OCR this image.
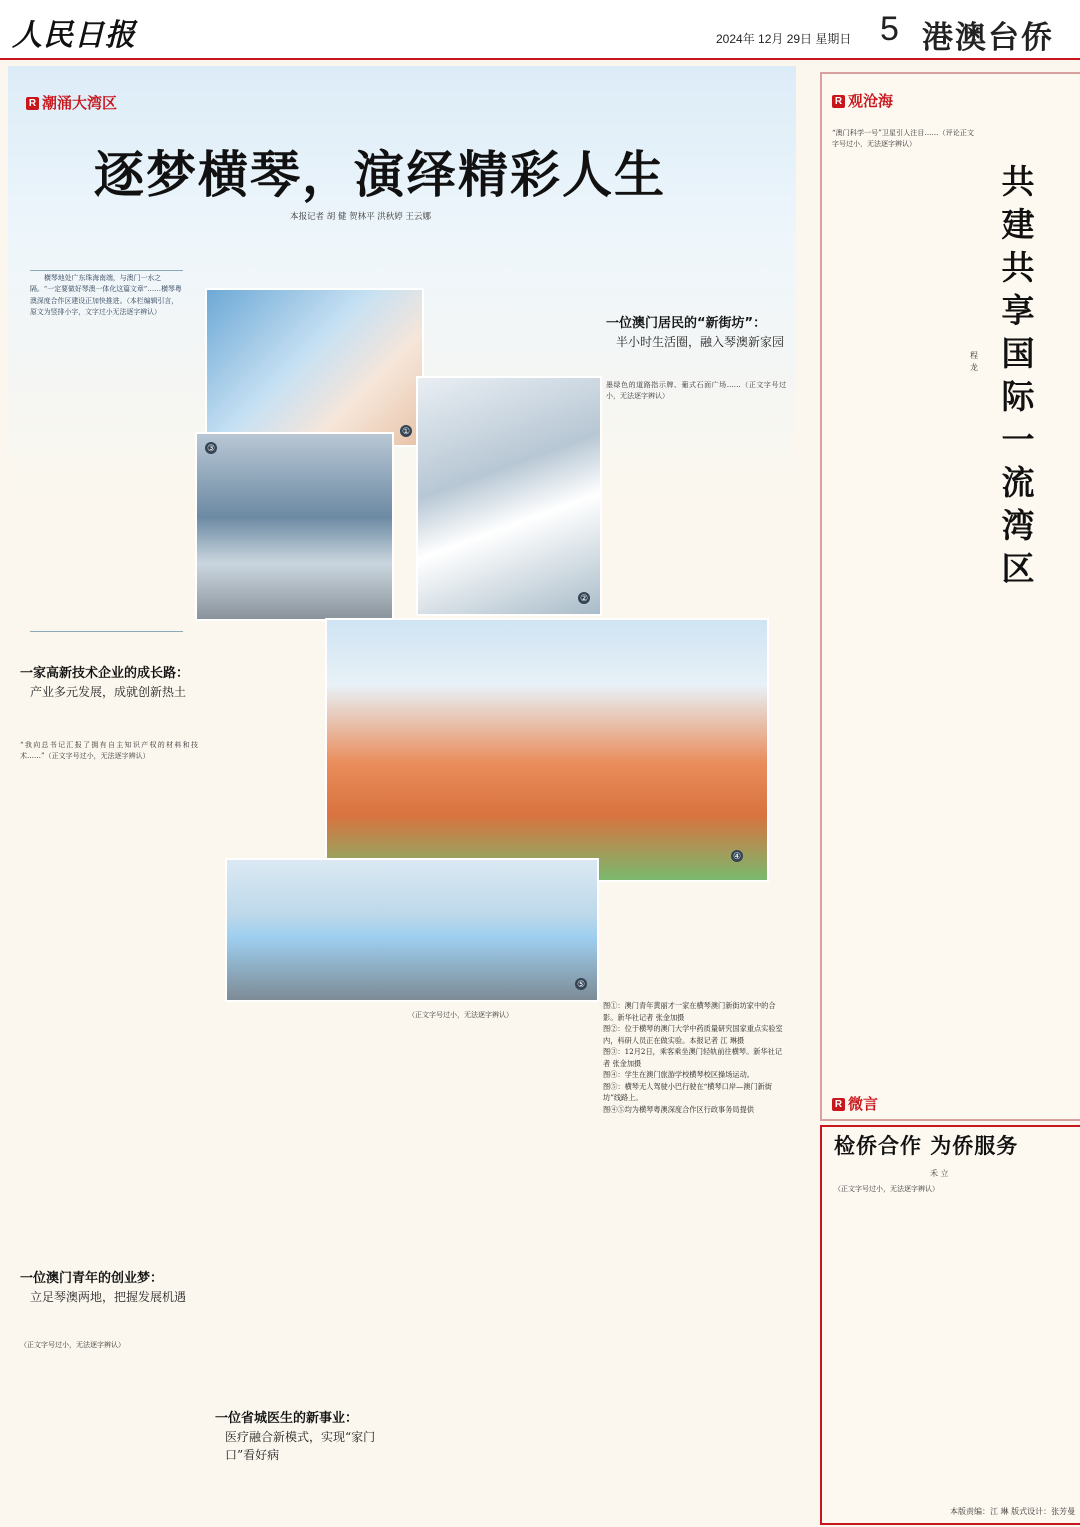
人民日报	2024年 12月 29日 星期日 5 港澳台侨
R 潮涌大湾区
逐梦横琴，演绎精彩人生
本报记者 胡 健 贺林平 洪秋婷 王云娜
横琴地处广东珠海南端，与澳门一水之隔。“一定要做好琴澳一体化这篇文章”……横琴粤澳深度合作区建设正加快推进。（本栏编辑引言，原文为竖排小字，文字过小无法逐字辨认）
①
③
②
④
⑤
一家高新技术企业的成长路：
产业多元发展，成就创新热土
“我向总书记汇报了拥有自主知识产权的材料和技术……”（正文字号过小，无法逐字辨认）
一位澳门青年的创业梦：
立足琴澳两地，把握发展机遇
（正文字号过小，无法逐字辨认）
一位省城医生的新事业：
医疗融合新模式，实现“家门口”看好病
（正文字号过小，无法逐字辨认）
一位澳门居民的“新街坊”：
半小时生活圈，融入琴澳新家园
墨绿色的道路指示牌、葡式石面广场……（正文字号过小，无法逐字辨认）
图①：澳门青年黄丽才一家在横琴澳门新街坊家中的合影。新华社记者 张金加摄
图②：位于横琴的澳门大学中药质量研究国家重点实验室内，科研人员正在做实验。本报记者 江 琳摄
图③：12月2日，乘客乘坐澳门轻轨前往横琴。新华社记者 张金加摄
图④：学生在澳门旅游学校横琴校区操场运动。
图⑤：横琴无人驾驶小巴行驶在“横琴口岸—澳门新街坊”线路上。
图④⑤均为横琴粤澳深度合作区行政事务局提供
R 观沧海
共建共享国际一流湾区
程龙
“澳门科学一号”卫星引人注目……（评论正文字号过小，无法逐字辨认）
R 微言
检侨合作 为侨服务
禾 立
（正文字号过小，无法逐字辨认）
本版责编：江 琳 版式设计：张芳曼
